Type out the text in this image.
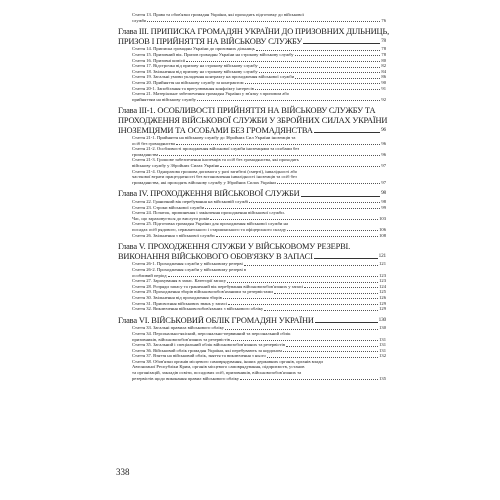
Стаття 13. Права та обов'язки громадян України, які проходять підготовку до військової
служби	76
Глава ІІІ. ПРИПИСКА ГРОМАДЯН УКРАЇНИ ДО ПРИЗОВНИХ ДІЛЬНИЦЬ,
ПРИЗОВ І ПРИЙНЯТТЯ НА ВІЙСЬКОВУ СЛУЖБУ	78
Стаття 14. Приписка громадян України до призовних дільниць	78
Стаття 15. Призовний вік. Призов громадян України на строкову військову службу	78
Стаття 16. Призовні комісії	80
Стаття 17. Відстрочка від призову на строкову військову службу	82
Стаття 18. Звільнення від призову на строкову військову службу	84
Стаття 19. Загальні умови укладення контракту на проходження військової служби	86
Стаття 20. Прийняття на військову службу за контрактом	90
Стаття 20-1. Запобігання та врегулювання конфлікту інтересів	91
Стаття 21. Матеріальне забезпечення громадян України у зв'язку з призовом або
прийняттям на військову службу	92
Глава ІІІ-1. ОСОБЛИВОСТІ ПРИЙНЯТТЯ НА ВІЙСЬКОВУ СЛУЖБУ ТА
ПРОХОДЖЕННЯ ВІЙСЬКОВОЇ СЛУЖБИ У ЗБРОЙНИХ СИЛАХ УКРАЇНИ
ІНОЗЕМЦЯМИ ТА ОСОБАМИ БЕЗ ГРОМАДЯНСТВА	96
Стаття 21-1. Прийняття на військову службу до Збройних Сил України іноземців та
осіб без громадянства	96
Стаття 21-2. Особливості проходження військової служби іноземцями та особами без
громадянства	96
Стаття 21-3. Грошове забезпечення іноземців та осіб без громадянства, які проходять
військову службу у Збройних Силах України	97
Стаття 21-4. Одноразова грошова допомога у разі загибелі (смерті), інвалідності або
часткової втрати працездатності без встановлення інвалідності іноземців та осіб без
громадянства, які проходять військову службу у Збройних Силах України	97
Глава IV. ПРОХОДЖЕННЯ ВІЙСЬКОВОЇ СЛУЖБИ	98
Стаття 22. Граничний вік перебування на військовій службі	98
Стаття 23. Строки військової служби	99
Стаття 24. Початок, припинення і закінчення проходження військової служби.
Час, що зараховується до вислуги років	103
Стаття 25. Підготовка громадян України для проходження військової служби на
посадах осіб рядового, сержантського і старшинського та офіцерського складу	106
Стаття 26. Звільнення з військової служби	108
Глава V. ПРОХОДЖЕННЯ СЛУЖБИ У ВІЙСЬКОВОМУ РЕЗЕРВІ.
ВИКОНАННЯ ВІЙСЬКОВОГО ОБОВ'ЯЗКУ В ЗАПАСІ	121
Стаття 26-1. Проходження служби у військовому резерві	121
Стаття 26-2. Проходження служби у військовому резерві в
особливий період	123
Стаття 27. Зарахування в запас. Категорії запасу	123
Стаття 28. Розряди запасу та граничний вік перебування військовозобов'язаних у запасі	124
Стаття 29. Проходження зборів військовозобов'язаними та резервістами	125
Стаття 30. Звільнення від проходження зборів	126
Стаття 31. Присвоєння військових звань у запасі	129
Стаття 32. Виключення військовозобов'язаних з військового обліку	129
Глава VI. ВІЙСЬКОВИЙ ОБЛІК ГРОМАДЯН УКРАЇНИ	130
Стаття 33. Загальні правила військового обліку	130
Стаття 34. Персонально-якісний, персонально-первинний та персональний облік
призовників, військовозобов'язаних та резервістів	131
Стаття 35. Загальний і спеціальний облік військовозобов'язаних та резервістів	131
Стаття 36. Військовий облік громадян України, які перебувають за кордоном	131
Стаття 37. Взяття на військовий облік, зняття та виключення з нього	132
Стаття 38. Обов'язки органів місцевого самоврядування, інших державних органів, органів влади
Автономної Республіки Крим, органів місцевого самоврядування, підприємств, установ
та організацій, закладів освіти, посадових осіб, призовників, військовозобов'язаних та
резервістів щодо виконання правил військового обліку	135
338
